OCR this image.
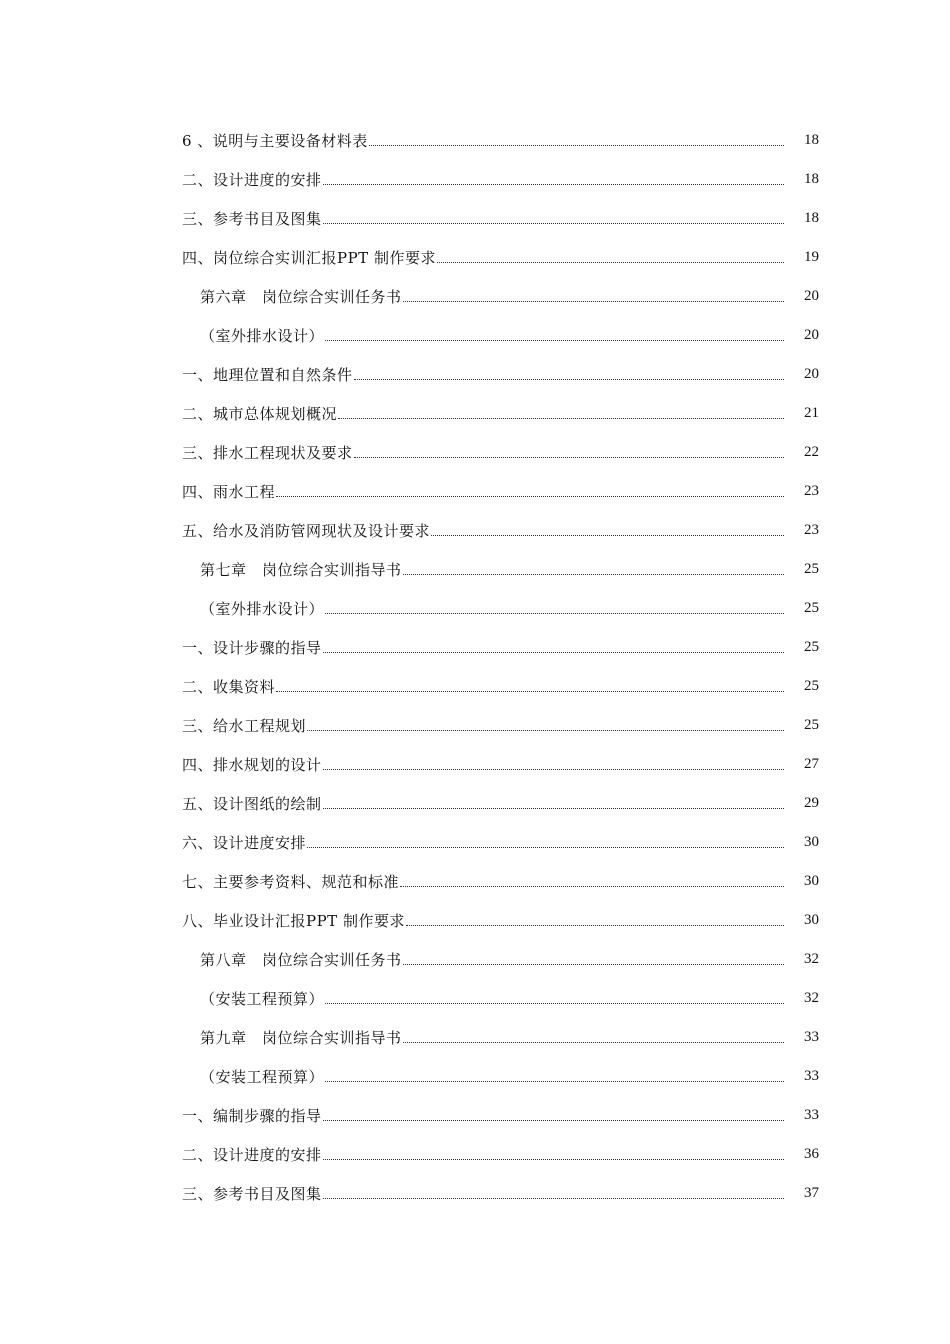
6 、说明与主要设备材料表	18
二、设计进度的安排	18
三、参考书目及图集	18
四、岗位综合实训汇报PPT 制作要求	19
第六章　岗位综合实训任务书	20
（室外排水设计）	20
一、地理位置和自然条件	20
二、城市总体规划概况	21
三、排水工程现状及要求	22
四、雨水工程	23
五、给水及消防管网现状及设计要求	23
第七章　岗位综合实训指导书	25
（室外排水设计）	25
一、设计步骤的指导	25
二、收集资料	25
三、给水工程规划	25
四、排水规划的设计	27
五、设计图纸的绘制	29
六、设计进度安排	30
七、主要参考资料、规范和标准	30
八、毕业设计汇报PPT 制作要求	30
第八章　岗位综合实训任务书	32
（安装工程预算）	32
第九章　岗位综合实训指导书	33
（安装工程预算）	33
一、编制步骤的指导	33
二、设计进度的安排	36
三、参考书目及图集	37
